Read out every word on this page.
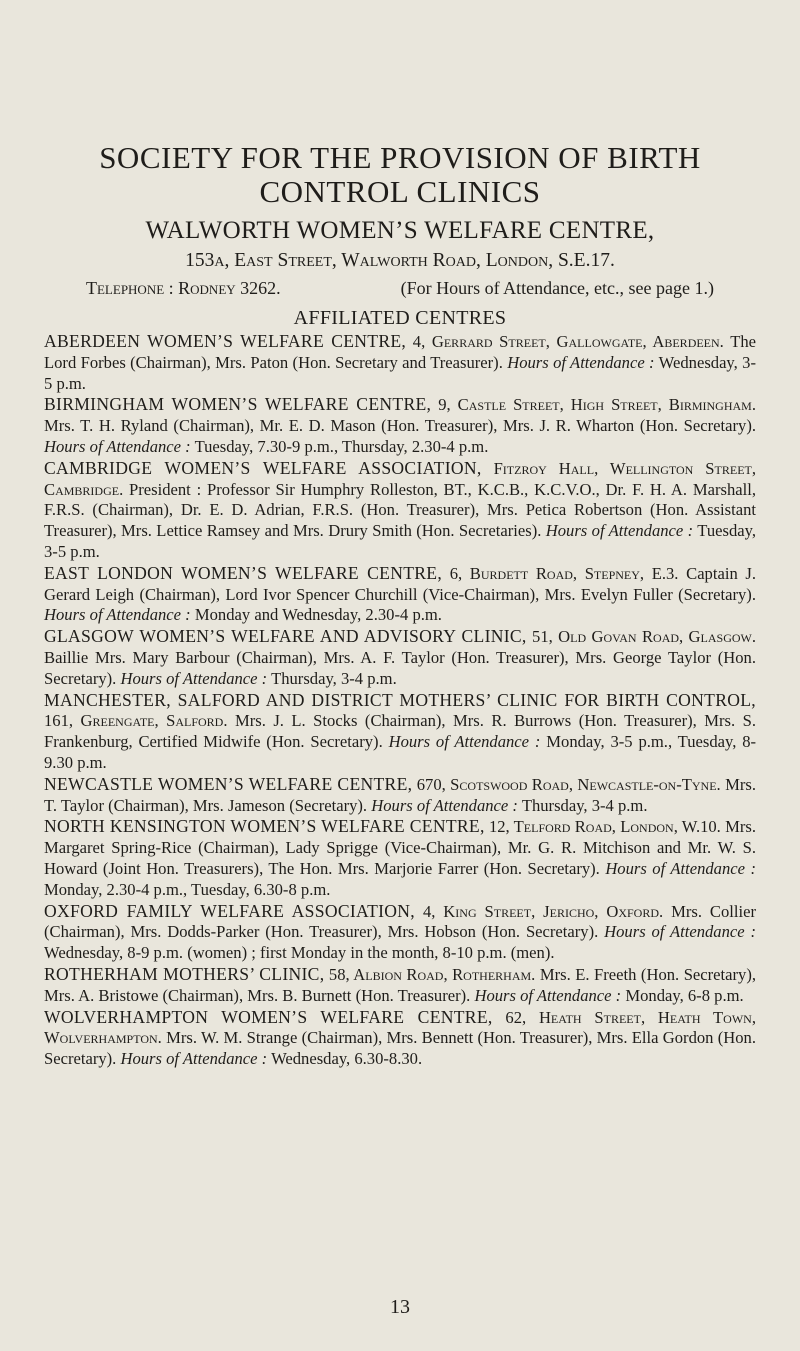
SOCIETY FOR THE PROVISION OF BIRTH
CONTROL CLINICS
WALWORTH WOMEN’S WELFARE CENTRE,
153a, East Street, Walworth Road, London, S.E.17.
Telephone : Rodney 3262.	(For Hours of Attendance, etc., see page 1.)
AFFILIATED CENTRES

ABERDEEN WOMEN’S WELFARE CENTRE, 4, Gerrard Street, Gallowgate, Aberdeen. The Lord Forbes (Chairman), Mrs. Paton (Hon. Secretary and Treasurer). Hours of Attendance : Wednesday, 3-5 p.m.

BIRMINGHAM WOMEN’S WELFARE CENTRE, 9, Castle Street, High Street, Birmingham. Mrs. T. H. Ryland (Chairman), Mr. E. D. Mason (Hon. Treasurer), Mrs. J. R. Wharton (Hon. Secretary). Hours of Attendance : Tuesday, 7.30-9 p.m., Thursday, 2.30-4 p.m.

CAMBRIDGE WOMEN’S WELFARE ASSOCIATION, Fitzroy Hall, Wellington Street, Cambridge. President : Professor Sir Humphry Rolleston, BT., K.C.B., K.C.V.O., Dr. F. H. A. Marshall, F.R.S. (Chairman), Dr. E. D. Adrian, F.R.S. (Hon. Treasurer), Mrs. Petica Robertson (Hon. Assistant Treasurer), Mrs. Lettice Ramsey and Mrs. Drury Smith (Hon. Secretaries). Hours of Attendance : Tuesday, 3-5 p.m.

EAST LONDON WOMEN’S WELFARE CENTRE, 6, Burdett Road, Stepney, E.3. Captain J. Gerard Leigh (Chairman), Lord Ivor Spencer Churchill (Vice-Chairman), Mrs. Evelyn Fuller (Secretary). Hours of Attendance : Monday and Wednesday, 2.30-4 p.m.

GLASGOW WOMEN’S WELFARE AND ADVISORY CLINIC, 51, Old Govan Road, Glasgow. Baillie Mrs. Mary Barbour (Chairman), Mrs. A. F. Taylor (Hon. Treasurer), Mrs. George Taylor (Hon. Secretary). Hours of Attendance : Thursday, 3-4 p.m.

MANCHESTER, SALFORD AND DISTRICT MOTHERS’ CLINIC FOR BIRTH CONTROL, 161, Greengate, Salford. Mrs. J. L. Stocks (Chairman), Mrs. R. Burrows (Hon. Treasurer), Mrs. S. Frankenburg, Certified Midwife (Hon. Secretary). Hours of Attendance : Monday, 3-5 p.m., Tuesday, 8-9.30 p.m.

NEWCASTLE WOMEN’S WELFARE CENTRE, 670, Scotswood Road, Newcastle-on-Tyne. Mrs. T. Taylor (Chairman), Mrs. Jameson (Secretary). Hours of Attendance : Thursday, 3-4 p.m.

NORTH KENSINGTON WOMEN’S WELFARE CENTRE, 12, Telford Road, London, W.10. Mrs. Margaret Spring-Rice (Chairman), Lady Sprigge (Vice-Chairman), Mr. G. R. Mitchison and Mr. W. S. Howard (Joint Hon. Treasurers), The Hon. Mrs. Marjorie Farrer (Hon. Secretary). Hours of Attendance : Monday, 2.30-4 p.m., Tuesday, 6.30-8 p.m.

OXFORD FAMILY WELFARE ASSOCIATION, 4, King Street, Jericho, Oxford. Mrs. Collier (Chairman), Mrs. Dodds-Parker (Hon. Treasurer), Mrs. Hobson (Hon. Secretary). Hours of Attendance : Wednesday, 8-9 p.m. (women) ; first Monday in the month, 8-10 p.m. (men).

ROTHERHAM MOTHERS’ CLINIC, 58, Albion Road, Rotherham. Mrs. E. Freeth (Hon. Secretary), Mrs. A. Bristowe (Chairman), Mrs. B. Burnett (Hon. Treasurer). Hours of Attendance : Monday, 6-8 p.m.

WOLVERHAMPTON WOMEN’S WELFARE CENTRE, 62, Heath Street, Heath Town, Wolverhampton. Mrs. W. M. Strange (Chairman), Mrs. Bennett (Hon. Treasurer), Mrs. Ella Gordon (Hon. Secretary). Hours of Attendance : Wednesday, 6.30-8.30.

13
